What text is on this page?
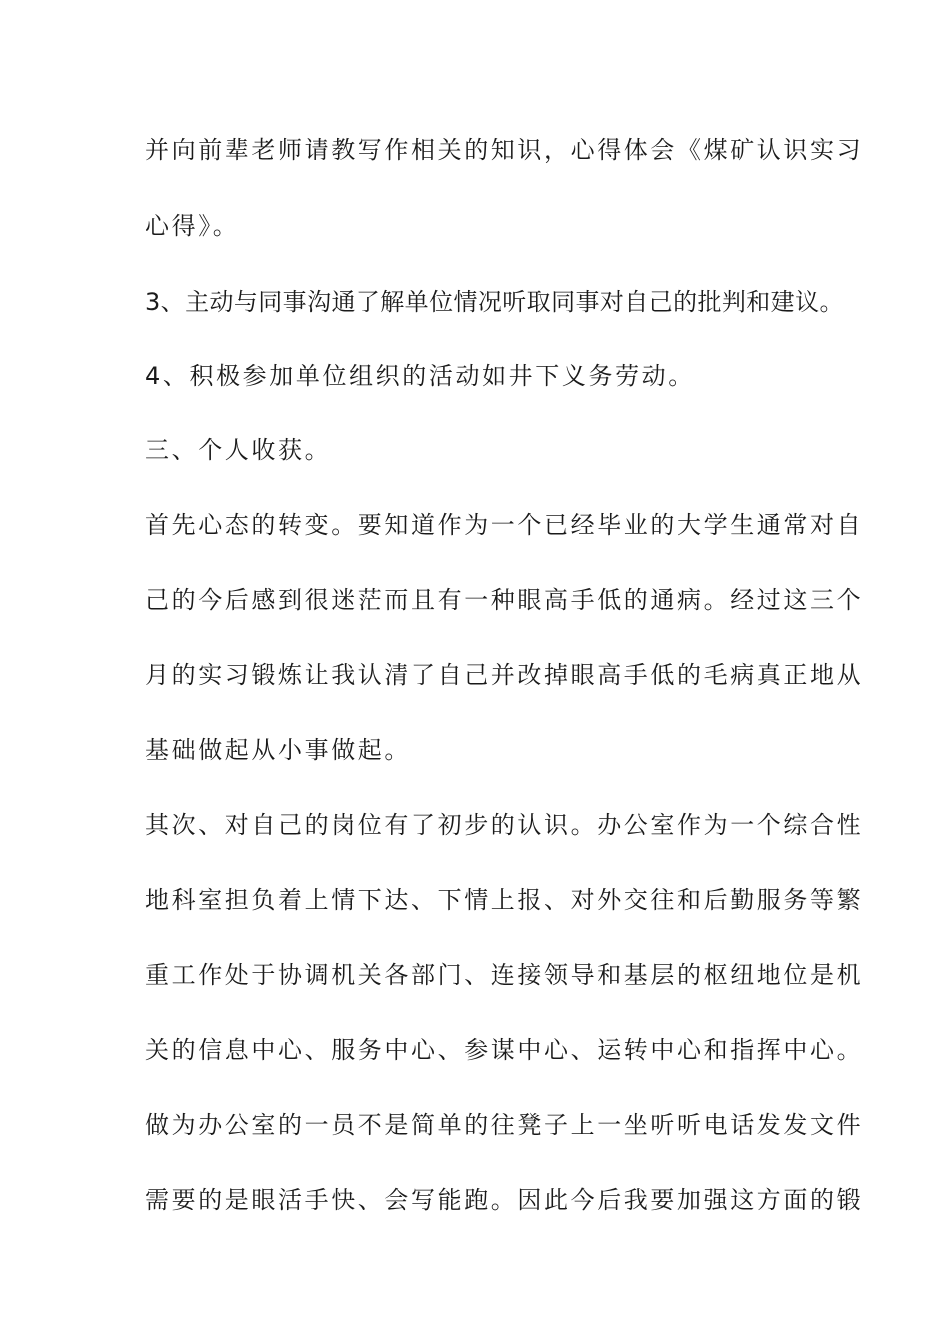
并向前辈老师请教写作相关的知识，心得体会《煤矿认识实习

心得》。

3、主动与同事沟通了解单位情况听取同事对自己的批判和建议。

4、积极参加单位组织的活动如井下义务劳动。

三、个人收获。

首先心态的转变。要知道作为一个已经毕业的大学生通常对自

己的今后感到很迷茫而且有一种眼高手低的通病。经过这三个

月的实习锻炼让我认清了自己并改掉眼高手低的毛病真正地从

基础做起从小事做起。

其次、对自己的岗位有了初步的认识。办公室作为一个综合性

地科室担负着上情下达、下情上报、对外交往和后勤服务等繁

重工作处于协调机关各部门、连接领导和基层的枢纽地位是机

关的信息中心、服务中心、参谋中心、运转中心和指挥中心。

做为办公室的一员不是简单的往凳子上一坐听听电话发发文件

需要的是眼活手快、会写能跑。因此今后我要加强这方面的锻
